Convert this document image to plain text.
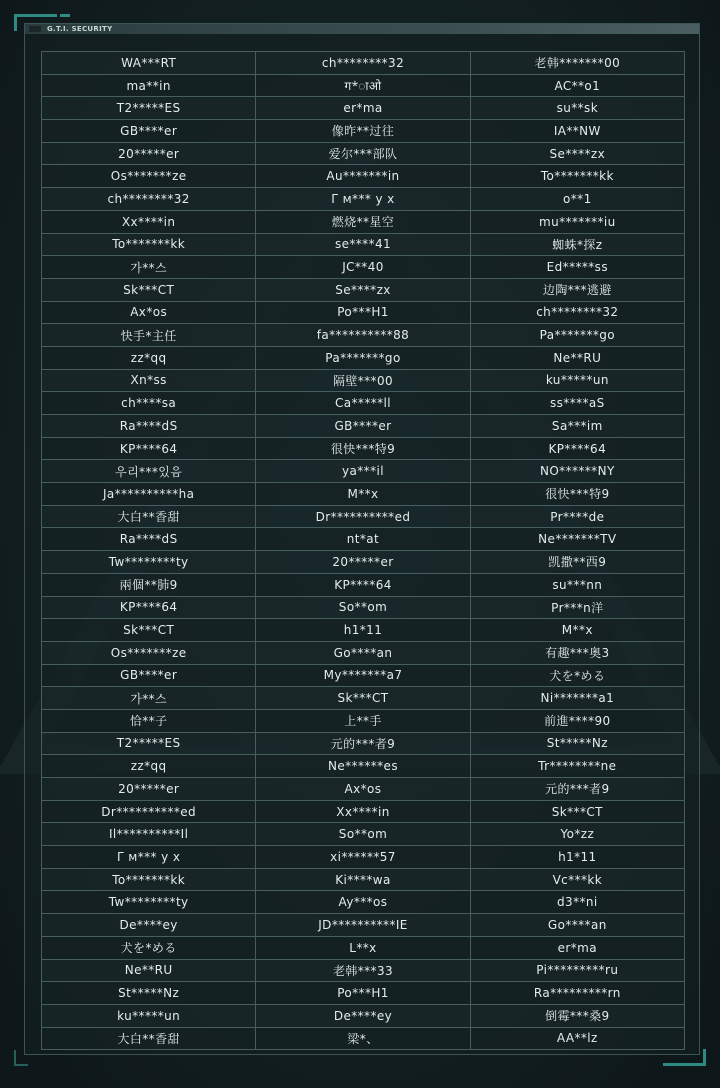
G.T.I. SECURITY
WA***RT	ch********32	老韩*******00
ma**in	ग*ाओ	AC**o1
T2*****ES	er*ma	su**sk
GB****er	像昨**过往	IA**NW
20*****er	爱尔***部队	Se****zx
Os*******ze	Au*******in	To*******kk
ch********32	Γ м*** у х	o**1
Xx****in	燃烧**星空	mu*******iu
To*******kk	se****41	蜘蛛*探z
가**스	JC**40	Ed*****ss
Sk***CT	Se****zx	边陶***逃避
Ax*os	Po***H1	ch********32
快手*主任	fa**********88	Pa*******go
zz*qq	Pa*******go	Ne**RU
Xn*ss	隔壁***00	ku*****un
ch****sa	Ca*****ll	ss****aS
Ra****dS	GB****er	Sa***im
KP****64	很快***特9	KP****64
우리***있음	ya***il	NO******NY
Ja**********ha	M**x	很快***特9
大白**香甜	Dr**********ed	Pr****de
Ra****dS	nt*at	Ne*******TV
Tw********ty	20*****er	凯撒**西9
兩個**肺9	KP****64	su***nn
KP****64	So**om	Pr***n洋
Sk***CT	h1*11	M**x
Os*******ze	Go****an	有趣***奥3
GB****er	My*******a7	犬を*める
가**스	Sk***CT	Ni*******a1
恰**子	上**手	前進****90
T2*****ES	元的***者9	St*****Nz
zz*qq	Ne******es	Tr********ne
20*****er	Ax*os	元的***者9
Dr**********ed	Xx****in	Sk***CT
Il**********Il	So**om	Yo*zz
Γ м*** у х	xi******57	h1*11
To*******kk	Ki****wa	Vc***kk
Tw********ty	Ay***os	d3**ni
De****ey	JD**********IE	Go****an
犬を*める	L**x	er*ma
Ne**RU	老韩***33	Pi*********ru
St*****Nz	Po***H1	Ra*********rn
ku*****un	De****ey	倒霉***桑9
大白**香甜	梁*、	AA**lz
